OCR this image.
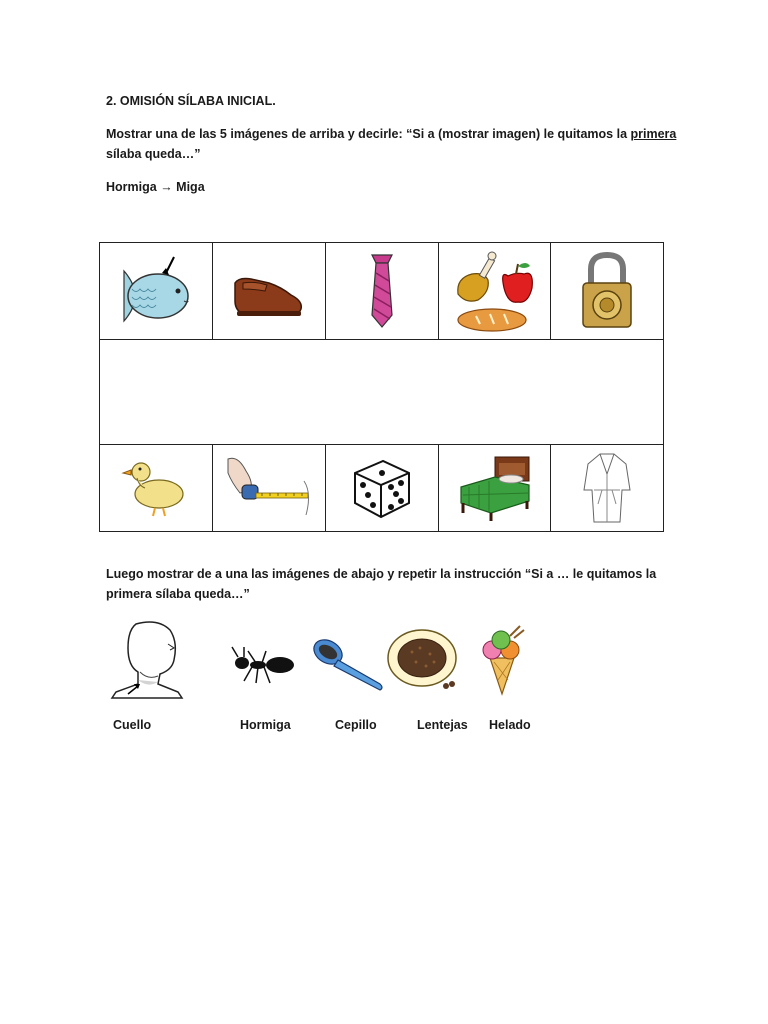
2. OMISIÓN SÍLABA INICIAL.
Mostrar una de las 5 imágenes de arriba y decirle: “Si a (mostrar imagen) le quitamos la primera
sílaba queda…”
Hormiga → Miga
Luego mostrar de a una las imágenes de abajo y repetir la instrucción “Si a … le quitamos la
primera sílaba queda…”
Cuello	Hormiga	Cepillo	Lentejas Helado
